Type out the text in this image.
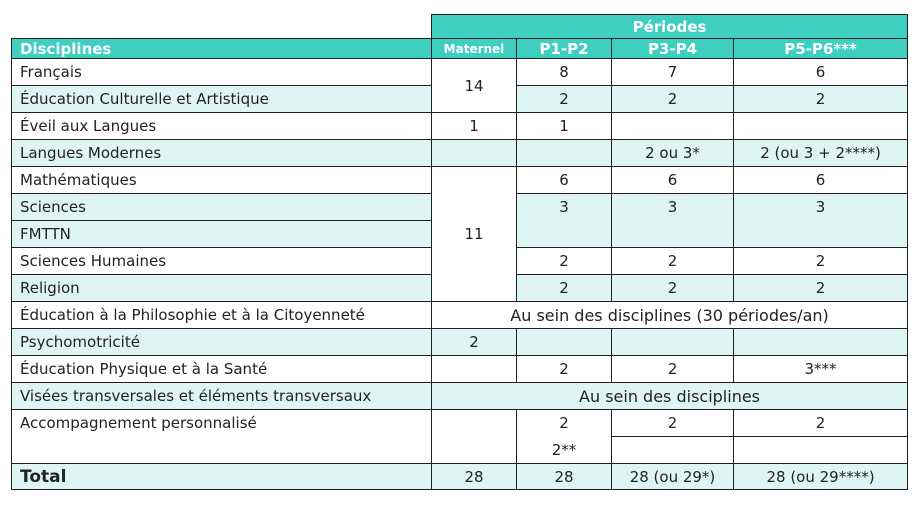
	Périodes			
Disciplines	Maternel	P1-P2	P3-P4	P5-P6***
Français	14	8	7	6
Éducation Culturelle et Artistique		2	2	2
Éveil aux Langues	1	1		
Langues Modernes			2 ou 3*	2 (ou 3 + 2****)
Mathématiques	11	6	6	6
Sciences		3	3	3
FMTTN				
Sciences Humaines		2	2	2
Religion		2	2	2
Éducation à la Philosophie et à la Citoyenneté	Au sein des disciplines (30 périodes/an)			
Psychomotricité	2			
Éducation Physique et à la Santé		2	2	3***
Visées transversales et éléments transversaux	Au sein des disciplines			
Accompagnement personnalisé		2	2	2
		2**		
Total	28	28	28 (ou 29*)	28 (ou 29****)
